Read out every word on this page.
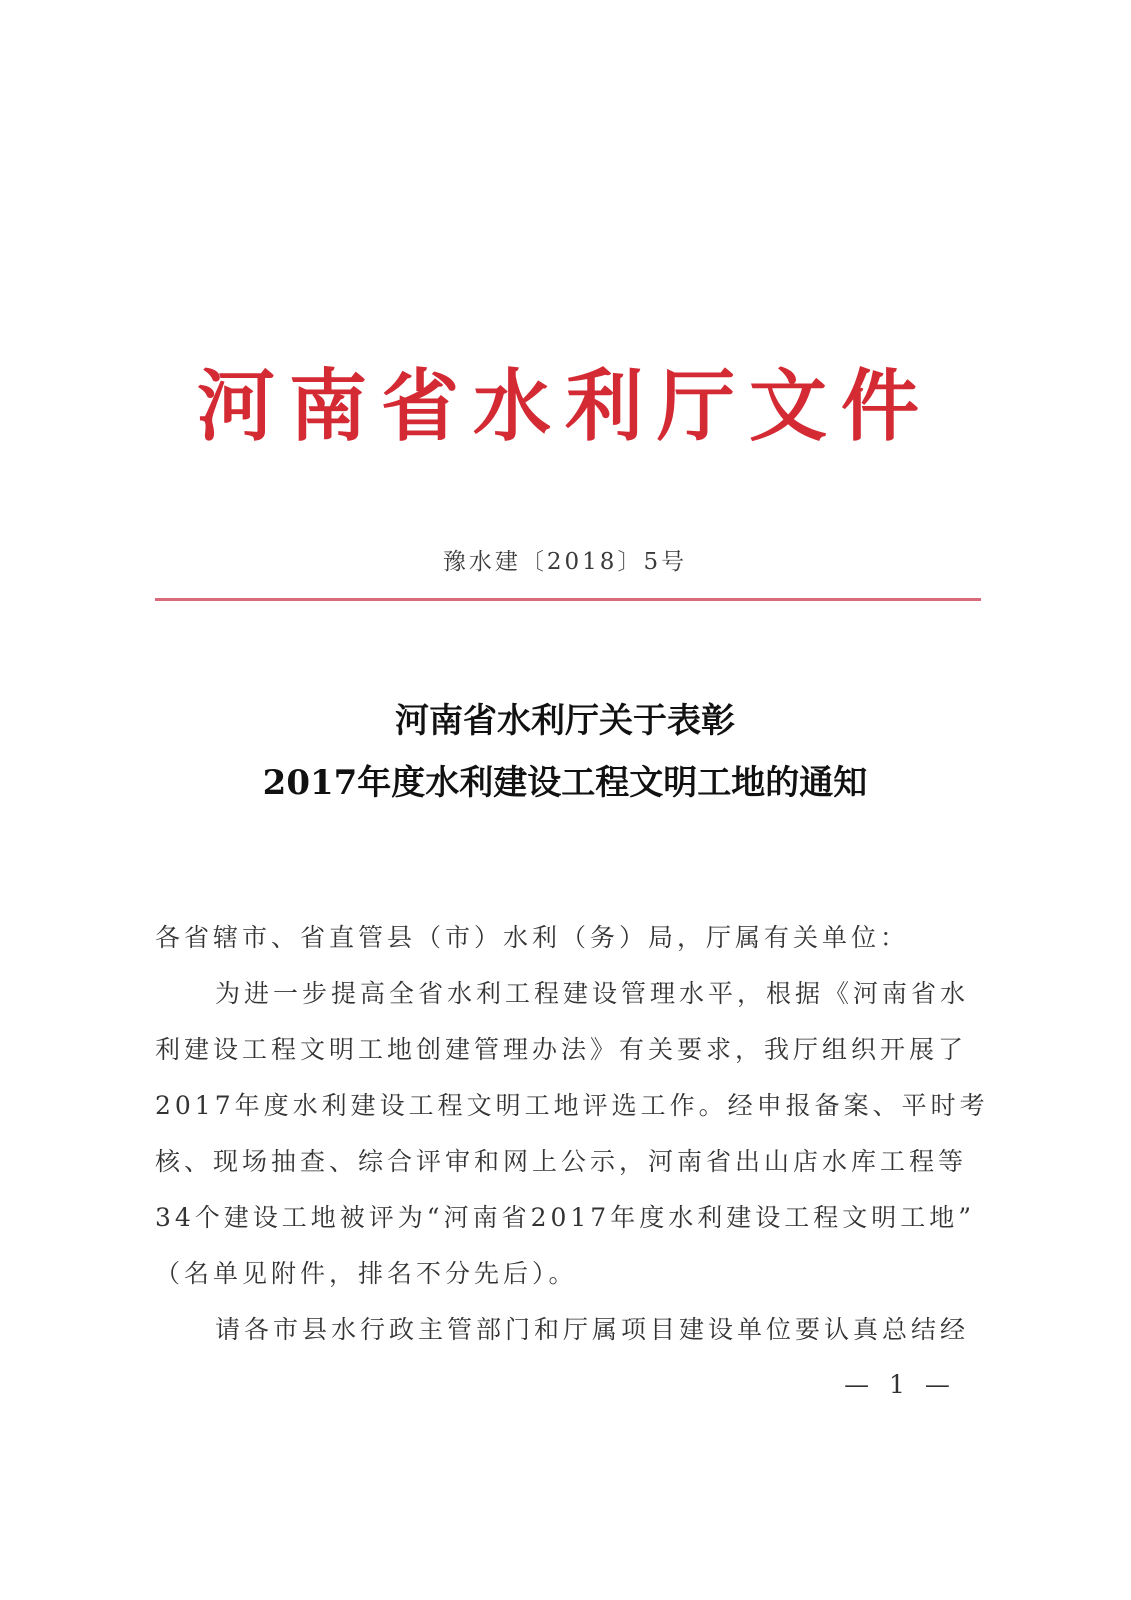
河南省水利厅文件
豫水建〔2018〕5号
河南省水利厅关于表彰
2017年度水利建设工程文明工地的通知
各省辖市、省直管县（市）水利（务）局，厅属有关单位：
为进一步提高全省水利工程建设管理水平，根据《河南省水
利建设工程文明工地创建管理办法》有关要求，我厅组织开展了
2017年度水利建设工程文明工地评选工作。经申报备案、平时考
核、现场抽查、综合评审和网上公示，河南省出山店水库工程等
34个建设工地被评为“河南省2017年度水利建设工程文明工地”
（名单见附件，排名不分先后）。
请各市县水行政主管部门和厅属项目建设单位要认真总结经
— 1 —
